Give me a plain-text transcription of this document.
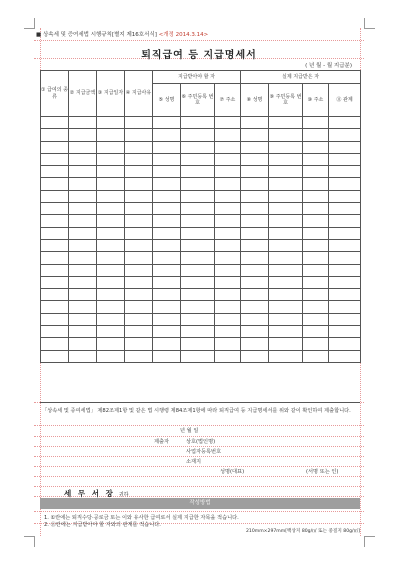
■ 상속세 및 증여세법 시행규칙[별지 제16호서식] <개정 2014.3.14>
퇴직급여 등 지급명세서
( 년 월 - 월 지급분)
① 급여의 종류	② 지급금액	③ 지급일자	④ 지급사유	지급받아야 할 자			실제 지급받은 자			
				⑤ 성명	⑥ 주민등록 번호	⑦ 주소	⑧ 성명	⑨ 주민등록 번호	⑩ 주소	⑪ 관계

「상속세 및 증여세법」 제82조제1항 및 같은 법 시행령 제84조제1항에 따라 퇴직급여 등 지급명세서를 위와 같이 확인하여 제출합니다.
년 월 일
제출자	상호(법인명)
사업자등록번호
소재지
성명(대표)	(서명 또는 인)
세 무 서 장 귀하
작성방법
1. ①란에는 퇴직수당·공로금 또는 이와 유사한 급여로서 실제 지급한 자목을 적습니다.
2. ⑪란에는 지급받아야 할 자와의 관계를 적습니다.
210mm×297mm[백상지 80g/㎡ 또는 중질지 80g/㎡]
